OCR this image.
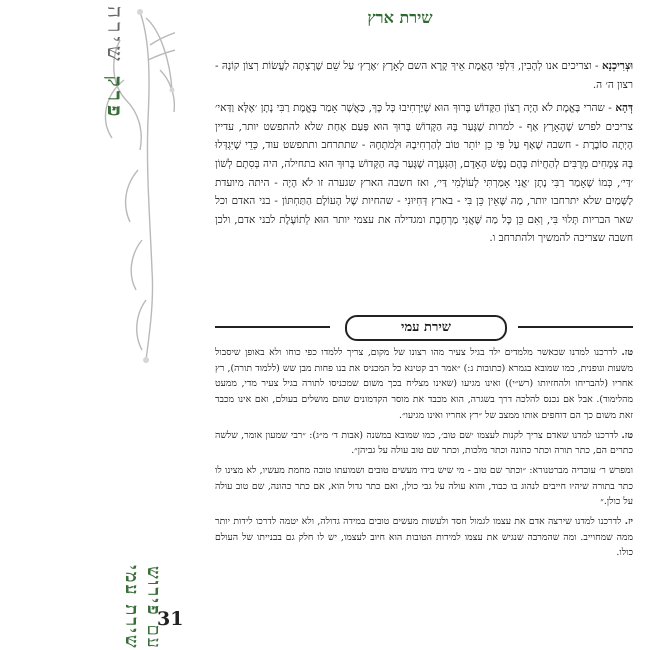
פרק שירה
עם פירוש שירת עמי
31
שירת ארץ

וּצְרִיכְנָא - וצריכים אנו לְהָבִין, דִּלְפִי הָאֱמֶת אֵיךְ קָרָא השם לָאָרֶץ ׳אֶרֶץ׳ עַל שֵׁם שֶׁרָצְתָה לַעֲשׂוֹת רְצוֹן קוֹנָהּ - רצון ה׳ ה.

דְּהָא - שהרי בֶּאֱמֶת לֹא הָיָה רְצוֹן הַקָּדוֹשׁ בָּרוּךְ הוּא שֶׁיַּרְחִיבוּ כָּל כָּךְ, כַּאֲשֶׁר אָמַר בֶּאֱמֶת רַבִּי נָתָן ׳אֶלָּא וַדַּאי׳ צריכים לפרש שֶׁהָאָרֶץ אַף - למרות שֶׁגָּעַר בָּהּ הַקָּדוֹשׁ בָּרוּךְ הוּא פַּעַם אַחַת שלא להתפשט יותר, עדיין הָיְתָה סוֹבֶרֶת - חשבה שֶׁאַף עַל פִּי כֵן יוֹתֵר טוֹב לְהַרְחִיבָהּ וּלְמֹתְחָהּ - שתתרחב ותתפשט עוד, כְּדֵי שֶׁיִּגְדְּלוּ בָּהּ צְמָחִים מְרֻבִּים לְהַחֲיוֹת בָּהֶם נֶפֶשׁ הָאָדָם, וְהַגְּעָרָה שֶׁגָּעַר בָּהּ הַקָּדוֹשׁ בָּרוּךְ הוּא בתחילה, היה בְּסִתָם לְשׁוֹן ׳דַּי׳, כְּמוֹ שֶׁאָמַר רַבִּי נָתָן ׳אֲנִי אָמַרְתִּי לְעוֹלָמִי דַּי׳, ואז חשבה הארץ שגערה זו לֹא הָיָה - היתה מיועדת לַשָּׁמַיִם שלא יתרחבו יותר, מַה שֶּׁאֵין כֵּן בִּי - בארץ דְּחִיוּנִי - שהחיות שֶׁל הָעוֹלָם הַתַּחְתּוֹן - בני האדם וכל שאר הבריות תָּלוּי בִּי, וְאִם כֵּן כָּל מַה שֶּׁאֲנִי מַרְחֶבֶת ומגדילה את עצמי יותר הוּא לְתוֹעֶלֶת לבני אדם, ולכן חשבה שצריכה להמשיך ולהתרחב ו.

שירת עמי

טז. לדרכנו למדנו שכאשר מלמדים ילד בגיל צעיר מהו רצונו של מקום, צריך ללמדו כפי כוחו ולא באופן שיסבול משעות וגופנית, כמו שמובא בגמרא (כתובות נ:) ״אמר רב קטינא כל המכניס את בנו פחות מבן שש (ללמוד תורה), רץ אחריו (להבריחו ולהחזיותו (רש״י)) ואינו מגיעו (שאינו מצליח בכך משום שמכניסו לתורה בגיל צעיר מדי, ממעט מהלימוד). אבל אם נכנס להלכה דרך בשגרה, הוא מכבד את מוסר הקדמונים שהם מושלים בעולם, ואם אינו מכבד זאת משום כך הם דוחפים אותו ממצב של ״רץ אחריו ואינו מגיעו״.

טז. לדרכנו למדנו שאדם צריך לקנות לעצמו ׳שם טוב׳, כמו שמובא במשנה (אבות ד׳ מ״ג): ״רבי שמעון אומר, שלשה כתרים הם, כתר תורה וכתר כהונה וכתר מלכות, וכתר שם טוב עולה על גביהן״.

ומפרש ר׳ עובדיה מברטנורא: ״וכתר שם טוב - מי שיש בידו מעשים טובים ושמועתו טובה מחמת מעשיו, לא מצינו לו כתר בתורה שיהיו חייבים לנהוג בו כבוד, והוא עולה על גבי כולן, ואם כתר גדול הוא, אם כתר כהונה, שם טוב עולה על כולן.״

יז. לדרכנו למדנו שירצה אדם את עצמו לגמול חסד ולעשות מעשים טובים במידה גדולה, ולא יטמה לדרכו לידות יותר ממה שמחוייב. ומה שהמרבה שנגיש את עצמו למידות הטובות הוא חיוב לעצמו, יש לו חלק גם בבנייתו של העולם כולו.
